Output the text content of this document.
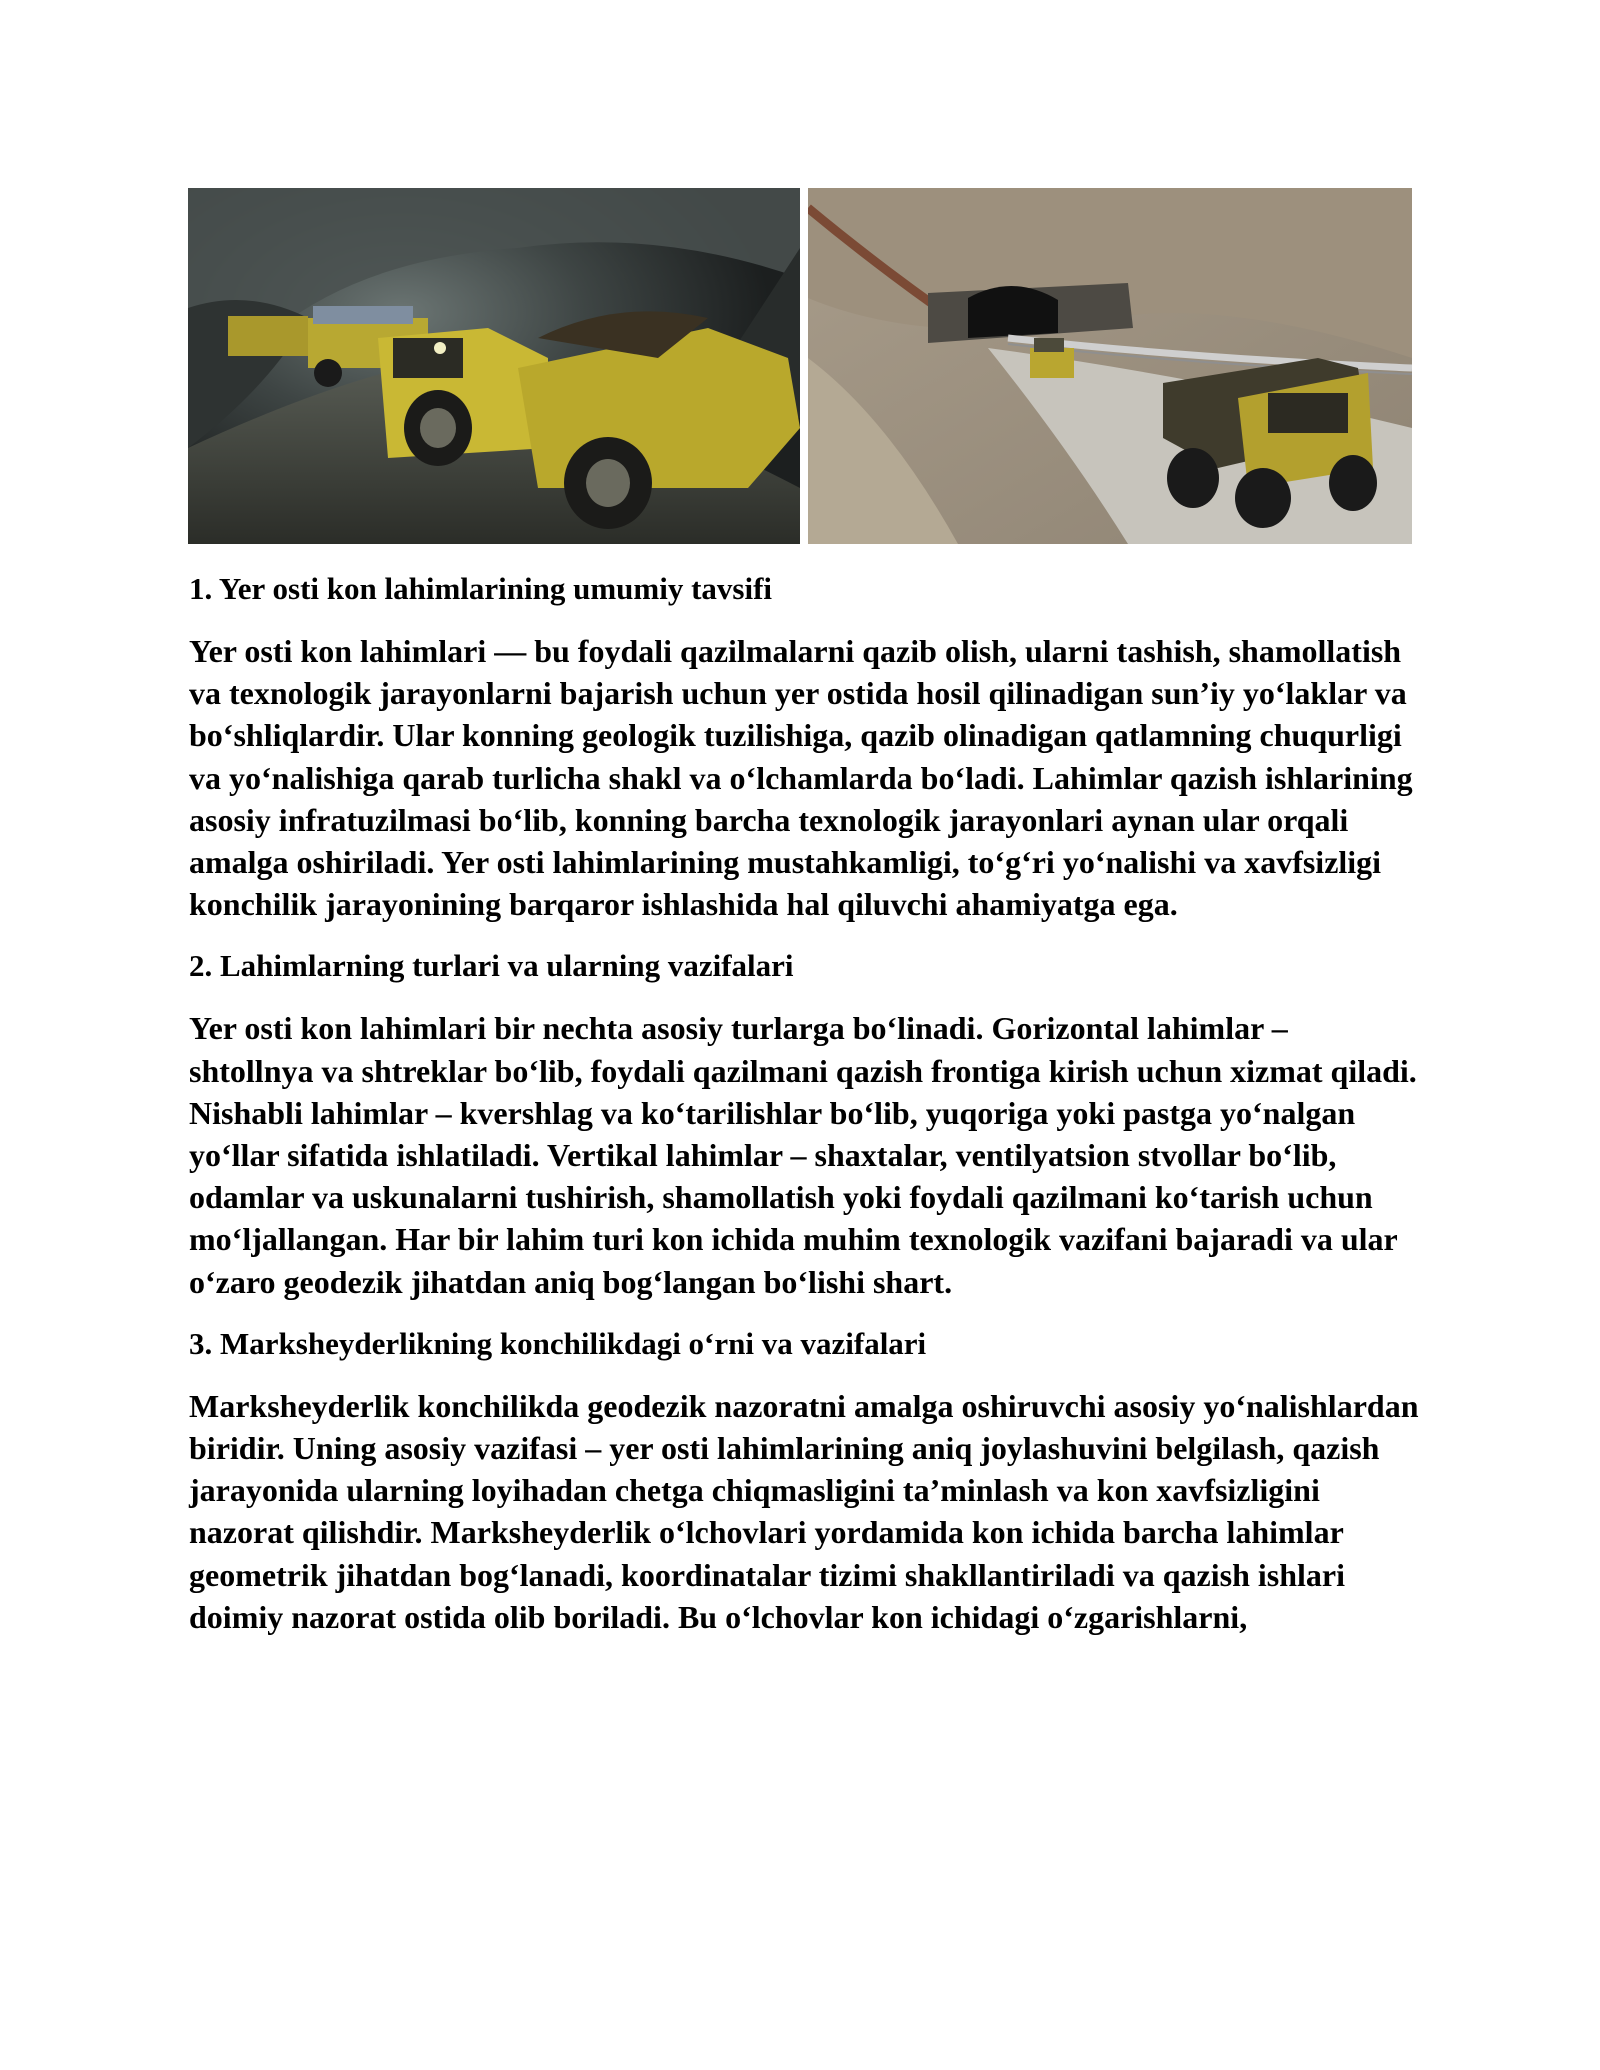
1. Yer osti kon lahimlarining umumiy tavsifi

Yer osti kon lahimlari — bu foydali qazilmalarni qazib olish, ularni tashish, shamollatish va texnologik jarayonlarni bajarish uchun yer ostida hosil qilinadigan sun’iy yo‘laklar va bo‘shliqlardir. Ular konning geologik tuzilishiga, qazib olinadigan qatlamning chuqurligi va yo‘nalishiga qarab turlicha shakl va o‘lchamlarda bo‘ladi. Lahimlar qazish ishlarining asosiy infratuzilmasi bo‘lib, konning barcha texnologik jarayonlari aynan ular orqali amalga oshiriladi. Yer osti lahimlarining mustahkamligi, to‘g‘ri yo‘nalishi va xavfsizligi konchilik jarayonining barqaror ishlashida hal qiluvchi ahamiyatga ega.

2. Lahimlarning turlari va ularning vazifalari

Yer osti kon lahimlari bir nechta asosiy turlarga bo‘linadi. Gorizontal lahimlar – shtollnya va shtreklar bo‘lib, foydali qazilmani qazish frontiga kirish uchun xizmat qiladi. Nishabli lahimlar – kvershlag va ko‘tarilishlar bo‘lib, yuqoriga yoki pastga yo‘nalgan yo‘llar sifatida ishlatiladi. Vertikal lahimlar – shaxtalar, ventilyatsion stvollar bo‘lib, odamlar va uskunalarni tushirish, shamollatish yoki foydali qazilmani ko‘tarish uchun mo‘ljallangan. Har bir lahim turi kon ichida muhim texnologik vazifani bajaradi va ular o‘zaro geodezik jihatdan aniq bog‘langan bo‘lishi shart.

3. Marksheyderlikning konchilikdagi o‘rni va vazifalari

Marksheyderlik konchilikda geodezik nazoratni amalga oshiruvchi asosiy yo‘nalishlardan biridir. Uning asosiy vazifasi – yer osti lahimlarining aniq joylashuvini belgilash, qazish jarayonida ularning loyihadan chetga chiqmasligini ta’minlash va kon xavfsizligini nazorat qilishdir. Marksheyderlik o‘lchovlari yordamida kon ichida barcha lahimlar geometrik jihatdan bog‘lanadi, koordinatalar tizimi shakllantiriladi va qazish ishlari doimiy nazorat ostida olib boriladi. Bu o‘lchovlar kon ichidagi o‘zgarishlarni,
